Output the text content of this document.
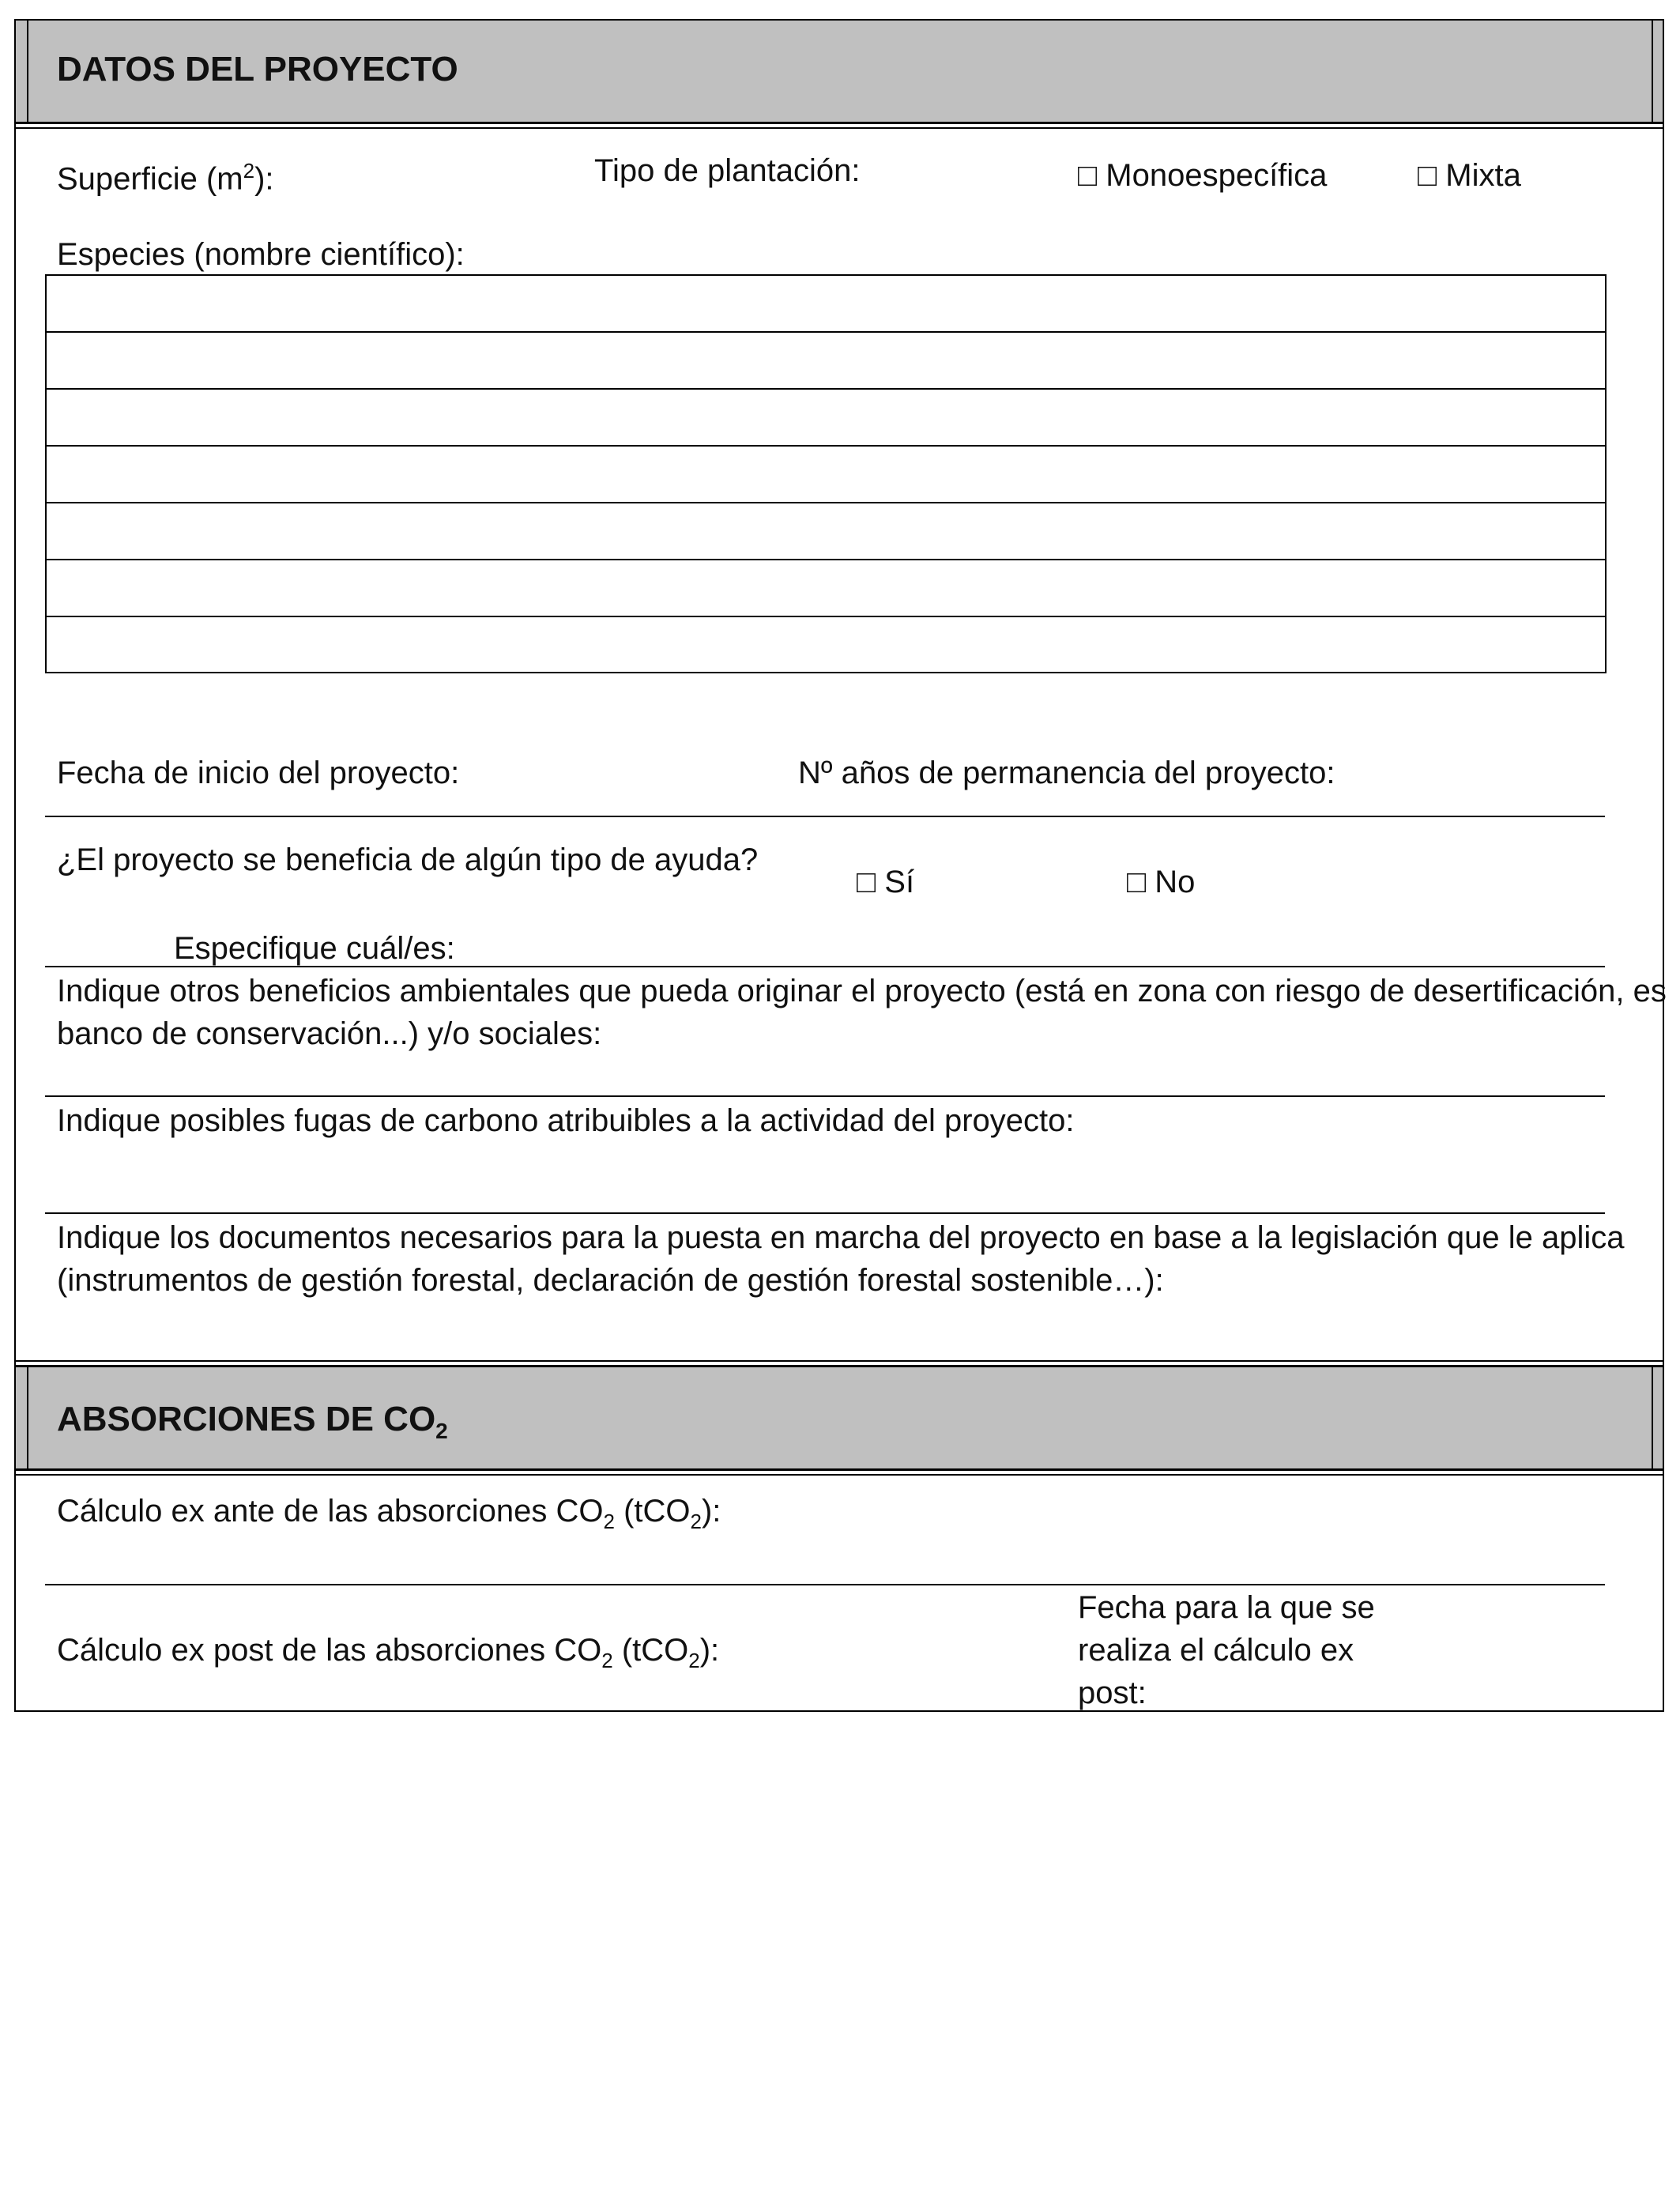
DATOS DEL PROYECTO
Superficie $(m^2)$:	Tipo de plantación:	□ Monoespecífica	□ Mixta
Especies (nombre científico):
Fecha de inicio del proyecto:	Nº años de permanencia del proyecto:
¿El proyecto se beneficia de algún tipo de ayuda?
□ Sí	□ No
Especifique cuál/es:
Indique otros beneficios ambientales que pueda originar el proyecto (está en zona con riesgo de desertificación, es
banco de conservación...) y/o sociales:
Indique posibles fugas de carbono atribuibles a la actividad del proyecto:
Indique los documentos necesarios para la puesta en marcha del proyecto en base a la legislación que le aplica
(instrumentos de gestión forestal, declaración de gestión forestal sostenible…):
ABSORCIONES DE $CO_2$
Cálculo ex ante de las absorciones $CO_2$ (tCO$_2$):
Cálculo ex post de las absorciones $CO_2$ (tCO$_2$):
Fecha para la que se
realiza el cálculo ex
post:
